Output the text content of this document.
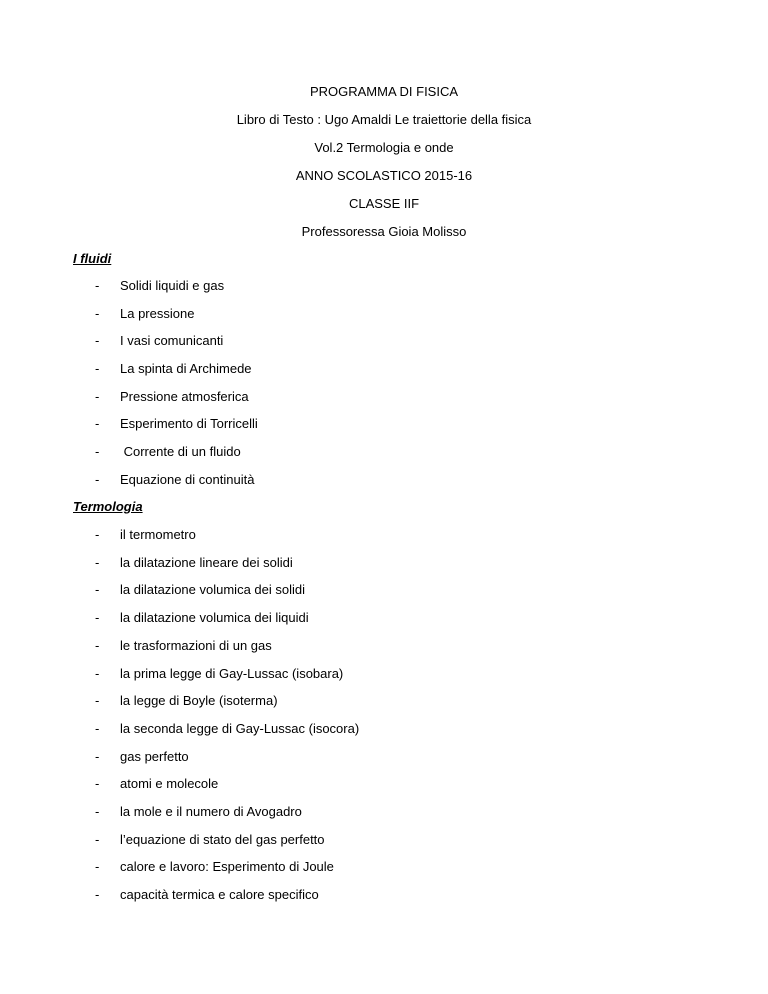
PROGRAMMA DI FISICA
Libro di Testo : Ugo Amaldi Le traiettorie della fisica
Vol.2 Termologia e onde
ANNO SCOLASTICO 2015-16
CLASSE IIF
Professoressa Gioia Molisso
I fluidi
- Solidi liquidi e gas
- La pressione
- I vasi comunicanti
- La spinta di Archimede
- Pressione atmosferica
- Esperimento di Torricelli
- Corrente di un fluido
- Equazione di continuità
Termologia
- il termometro
- la dilatazione lineare dei solidi
- la dilatazione volumica dei solidi
- la dilatazione volumica dei liquidi
- le trasformazioni di un gas
- la prima legge di Gay-Lussac (isobara)
- la legge di Boyle (isoterma)
- la seconda legge di Gay-Lussac (isocora)
- gas perfetto
- atomi e molecole
- la mole e il numero di Avogadro
- l’equazione di stato del gas perfetto
- calore e lavoro: Esperimento di Joule
- capacità termica e calore specifico
